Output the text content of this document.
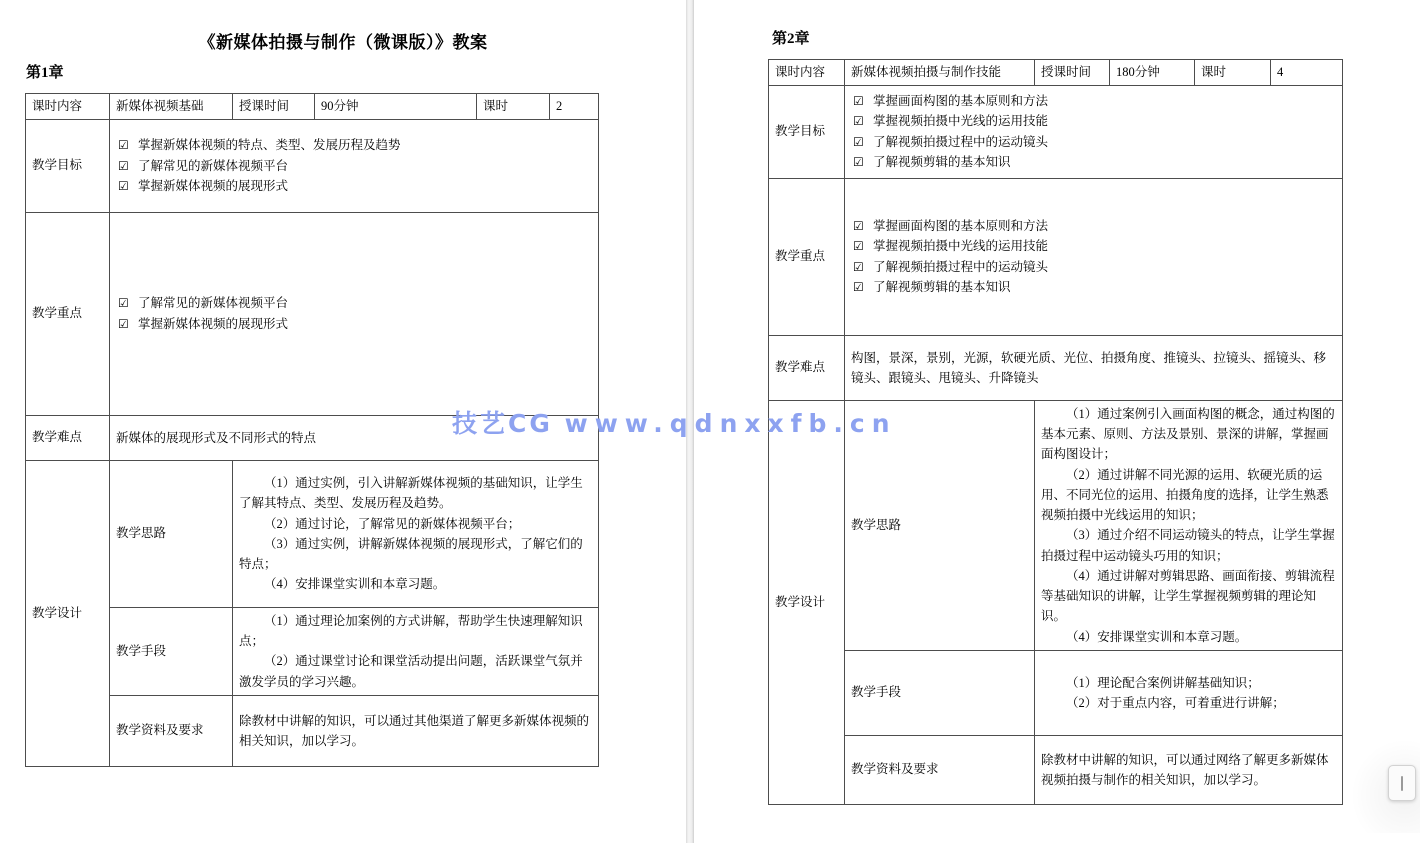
《新媒体拍摄与制作（微课版）》教案
第1章
课时内容	新媒体视频基础	授课时间	90分钟	课时	2
教学目标	
☑ 掌握新媒体视频的特点、类型、发展历程及趋势
☑ 了解常见的新媒体视频平台
☑ 掌握新媒体视频的展现形式

教学重点	
☑ 了解常见的新媒体视频平台
☑ 掌握新媒体视频的展现形式

教学难点	新媒体的展现形式及不同形式的特点				

教学设计	教学思路	（1）通过实例，引入讲解新媒体视频的基础知识，让学生了解其特点、类型、发展历程及趋势。

（2）通过讨论，了解常见的新媒体视频平台；

（3）通过实例，讲解新媒体视频的展现形式，了解它们的特点；

（4）安排课堂实训和本章习题。			

	教学手段	（1）通过理论加案例的方式讲解，帮助学生快速理解知识点；

（2）通过课堂讨论和课堂活动提出问题，活跃课堂气氛并激发学员的学习兴趣。			

	教学资料及要求	除教材中讲解的知识，可以通过其他渠道了解更多新媒体视频的相关知识，加以学习。			

第2章
课时内容	新媒体视频拍摄与制作技能	授课时间	180分钟	课时	4
教学目标	
☑ 掌握画面构图的基本原则和方法
☑ 掌握视频拍摄中光线的运用技能
☑ 了解视频拍摄过程中的运动镜头
☑ 了解视频剪辑的基本知识

教学重点	
☑ 掌握画面构图的基本原则和方法
☑ 掌握视频拍摄中光线的运用技能
☑ 了解视频拍摄过程中的运动镜头
☑ 了解视频剪辑的基本知识

教学难点	构图，景深，景别，光源，软硬光质、光位、拍摄角度、推镜头、拉镜头、摇镜头、移镜头、跟镜头、甩镜头、升降镜头				

教学设计	教学思路	（1）通过案例引入画面构图的概念，通过构图的基本元素、原则、方法及景别、景深的讲解，掌握画面构图设计；

（2）通过讲解不同光源的运用、软硬光质的运用、不同光位的运用、拍摄角度的选择，让学生熟悉视频拍摄中光线运用的知识；

（3）通过介绍不同运动镜头的特点，让学生掌握拍摄过程中运动镜头巧用的知识；

（4）通过讲解对剪辑思路、画面衔接、剪辑流程等基础知识的讲解，让学生掌握视频剪辑的理论知识。

（4）安排课堂实训和本章习题。			

	教学手段	（1）理论配合案例讲解基础知识；

（2）对于重点内容，可着重进行讲解；			

	教学资料及要求	除教材中讲解的知识，可以通过网络了解更多新媒体视频拍摄与制作的相关知识，加以学习。			

技艺CG www.qdnxxfb.cn
